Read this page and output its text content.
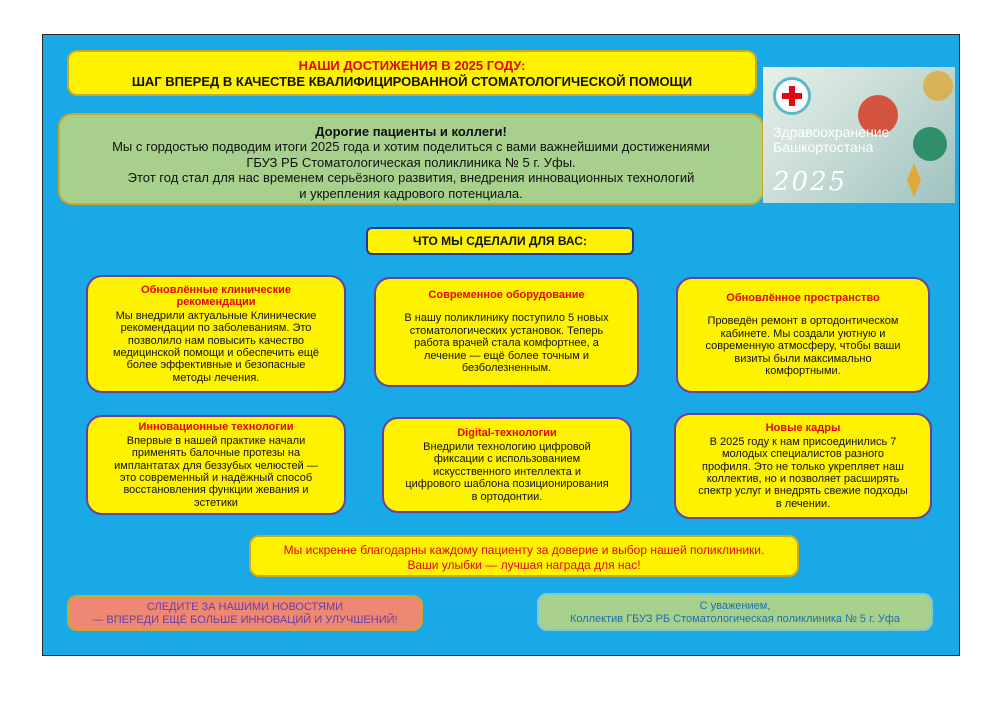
НАШИ ДОСТИЖЕНИЯ В 2025 ГОДУ:
ШАГ ВПЕРЕД В КАЧЕСТВЕ КВАЛИФИЦИРОВАННОЙ СТОМАТОЛОГИЧЕСКОЙ ПОМОЩИ
Дорогие пациенты и коллеги!
Мы с гордостью подводим итоги 2025 года и хотим поделиться с вами важнейшими достижениями
ГБУЗ РБ Стоматологическая поликлиника № 5 г. Уфы.
Этот год стал для нас временем серьёзного развития, внедрения инновационных технологий
и укрепления кадрового потенциала.
Здравоохранение
Башкортостана
2025
ЧТО МЫ СДЕЛАЛИ ДЛЯ ВАС:
Обновлённые клинические
рекомендации
Мы внедрили актуальные Клинические
рекомендации по заболеваниям. Это
позволило нам повысить качество
медицинской помощи и обеспечить ещё
более эффективные и безопасные
методы лечения.
Современное оборудование
В нашу поликлинику поступило 5 новых
стоматологических установок. Теперь
работа врачей стала комфортнее, а
лечение — ещё более точным и
безболезненным.
Обновлённое пространство
Проведён ремонт в ортодонтическом
кабинете. Мы создали уютную и
современную атмосферу, чтобы ваши
визиты были максимально
комфортными.
Инновационные технологии
Впервые в нашей практике начали
применять балочные протезы на
имплантатах для беззубых челюстей —
это современный и надёжный способ
восстановления функции жевания и
эстетики
Digital-технологии
Внедрили технологию цифровой
фиксации с использованием
искусственного интеллекта и
цифрового шаблона позиционирования
в ортодонтии.
Новые кадры
В 2025 году к нам присоединились 7
молодых специалистов разного
профиля. Это не только укрепляет наш
коллектив, но и позволяет расширять
спектр услуг и внедрять свежие подходы
в лечении.
Мы искренне благодарны каждому пациенту за доверие и выбор нашей поликлиники.
Ваши улыбки — лучшая награда для нас!
СЛЕДИТЕ ЗА НАШИМИ НОВОСТЯМИ
— ВПЕРЕДИ ЕЩЁ БОЛЬШЕ ИННОВАЦИЙ И УЛУЧШЕНИЙ!
С уважением,
Коллектив ГБУЗ РБ Стоматологическая поликлиника № 5 г. Уфа
